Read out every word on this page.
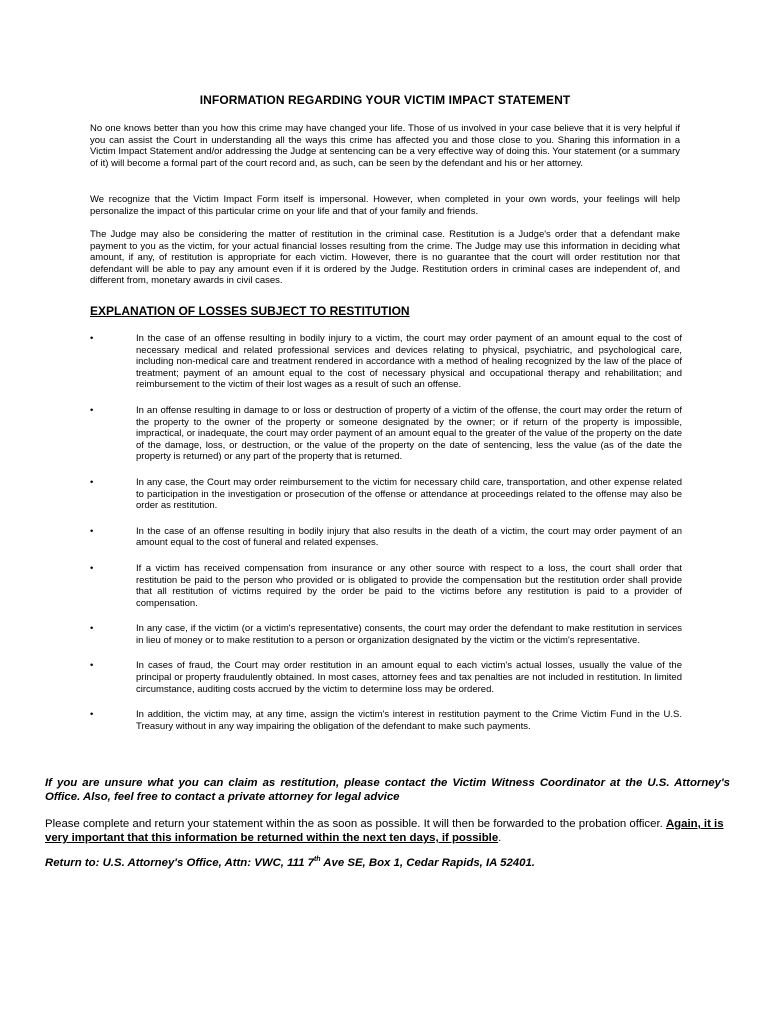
INFORMATION REGARDING YOUR VICTIM IMPACT STATEMENT

No one knows better than you how this crime may have changed your life. Those of us involved in your case believe that it is very helpful if you can assist the Court in understanding all the ways this crime has affected you and those close to you. Sharing this information in a Victim Impact Statement and/or addressing the Judge at sentencing can be a very effective way of doing this. Your statement (or a summary of it) will become a formal part of the court record and, as such, can be seen by the defendant and his or her attorney.

We recognize that the Victim Impact Form itself is impersonal. However, when completed in your own words, your feelings will help personalize the impact of this particular crime on your life and that of your family and friends.

The Judge may also be considering the matter of restitution in the criminal case. Restitution is a Judge's order that a defendant make payment to you as the victim, for your actual financial losses resulting from the crime. The Judge may use this information in deciding what amount, if any, of restitution is appropriate for each victim. However, there is no guarantee that the court will order restitution nor that defendant will be able to pay any amount even if it is ordered by the Judge. Restitution orders in criminal cases are independent of, and different from, monetary awards in civil cases.

EXPLANATION OF LOSSES SUBJECT TO RESTITUTION
•	In the case of an offense resulting in bodily injury to a victim, the court may order payment of an amount equal to the cost of necessary medical and related professional services and devices relating to physical, psychiatric, and psychological care, including non-medical care and treatment rendered in accordance with a method of healing recognized by the law of the place of treatment; payment of an amount equal to the cost of necessary physical and occupational therapy and rehabilitation; and reimbursement to the victim of their lost wages as a result of such an offense.
•	In an offense resulting in damage to or loss or destruction of property of a victim of the offense, the court may order the return of the property to the owner of the property or someone designated by the owner; or if return of the property is impossible, impractical, or inadequate, the court may order payment of an amount equal to the greater of the value of the property on the date of the damage, loss, or destruction, or the value of the property on the date of sentencing, less the value (as of the date the property is returned) or any part of the property that is returned.
•	In any case, the Court may order reimbursement to the victim for necessary child care, transportation, and other expense related to participation in the investigation or prosecution of the offense or attendance at proceedings related to the offense may also be order as restitution.
•	In the case of an offense resulting in bodily injury that also results in the death of a victim, the court may order payment of an amount equal to the cost of funeral and related expenses.
•	If a victim has received compensation from insurance or any other source with respect to a loss, the court shall order that restitution be paid to the person who provided or is obligated to provide the compensation but the restitution order shall provide that all restitution of victims required by the order be paid to the victims before any restitution is paid to a provider of compensation.
•	In any case, if the victim (or a victim's representative) consents, the court may order the defendant to make restitution in services in lieu of money or to make restitution to a person or organization designated by the victim or the victim's representative.
•	In cases of fraud, the Court may order restitution in an amount equal to each victim's actual losses, usually the value of the principal or property fraudulently obtained. In most cases, attorney fees and tax penalties are not included in restitution. In limited circumstance, auditing costs accrued by the victim to determine loss may be ordered.
•	In addition, the victim may, at any time, assign the victim's interest in restitution payment to the Crime Victim Fund in the U.S. Treasury without in any way impairing the obligation of the defendant to make such payments.

If you are unsure what you can claim as restitution, please contact the Victim Witness Coordinator at the U.S. Attorney's Office. Also, feel free to contact a private attorney for legal advice

Please complete and return your statement within the as soon as possible. It will then be forwarded to the probation officer. Again, it is very important that this information be returned within the next ten days, if possible.

Return to: U.S. Attorney's Office, Attn: VWC, 111 7th Ave SE, Box 1, Cedar Rapids, IA 52401.
